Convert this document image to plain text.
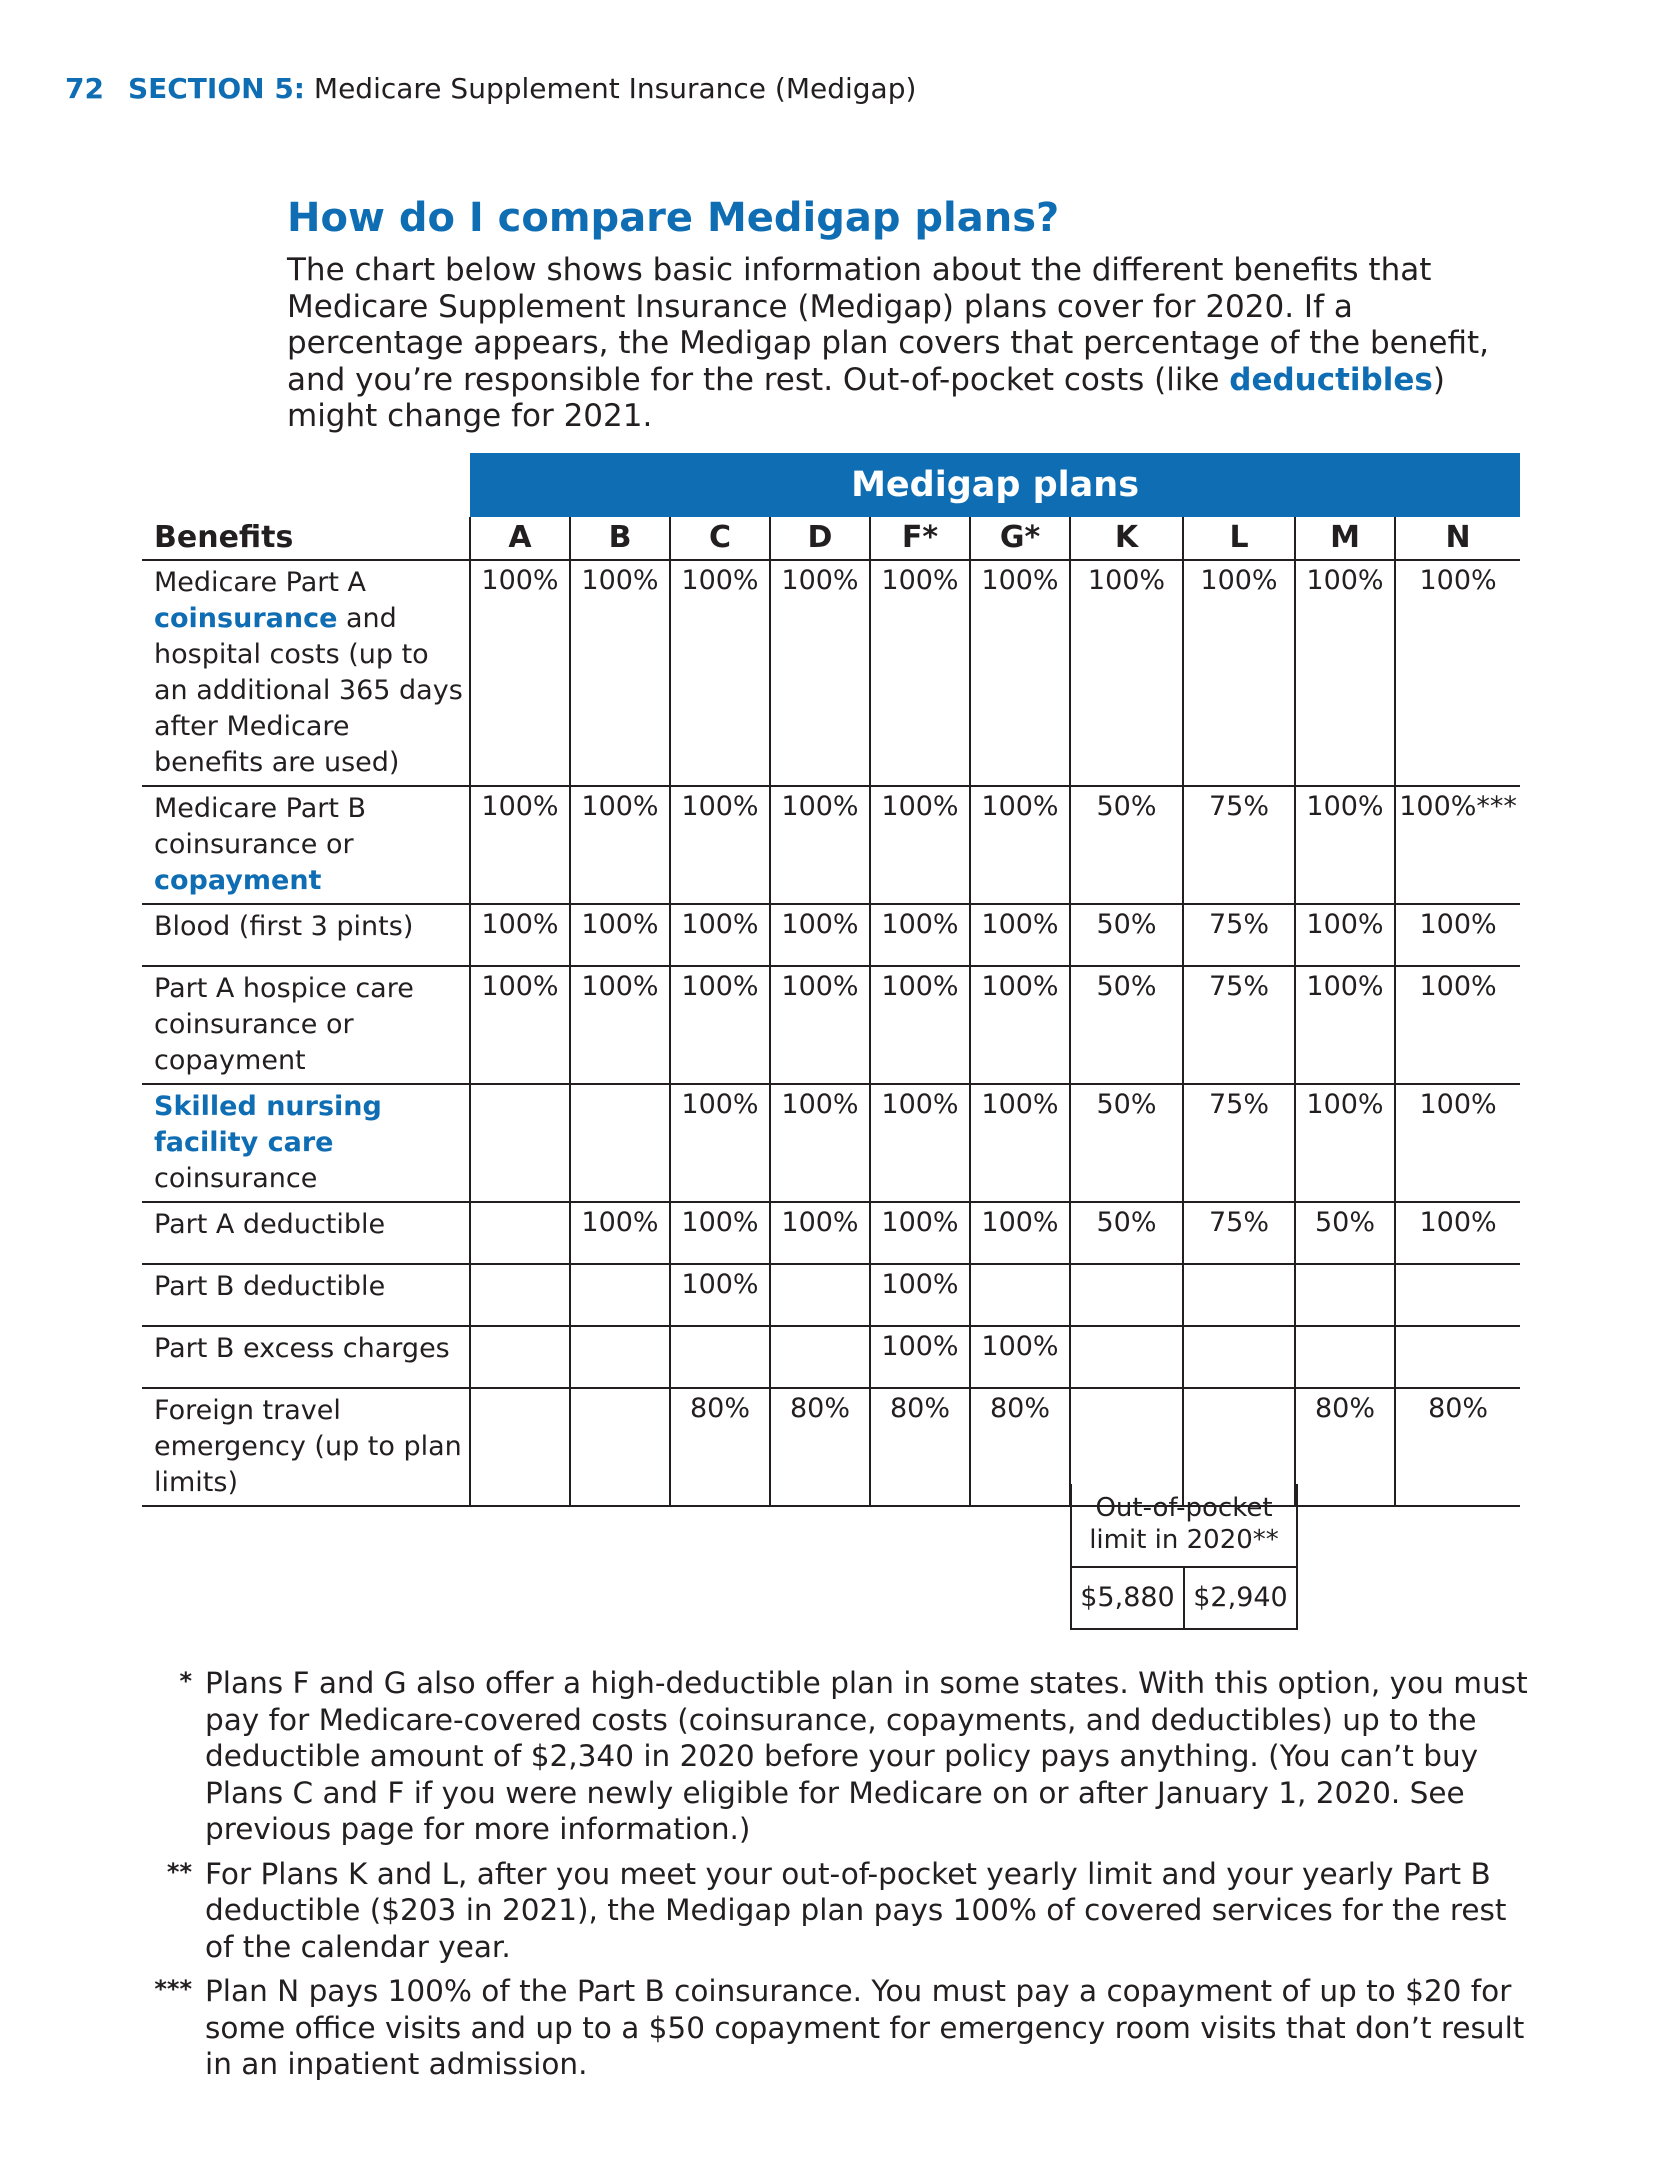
72 SECTION 5: Medicare Supplement Insurance (Medigap)
How do I compare Medigap plans?

The chart below shows basic information about the different benefits that Medicare Supplement Insurance (Medigap) plans cover for 2020. If a percentage appears, the Medigap plan covers that percentage of the benefit, and you’re responsible for the rest. Out-of-pocket costs (like deductibles) might change for 2021.

	Medigap plans									
Benefits	A	B	C	D	F*	G*	K	L	M	N
Medicare Part A coinsurance and hospital costs (up to an additional 365 days after Medicare benefits are used)	100%	100%	100%	100%	100%	100%	100%	100%	100%	100%
Medicare Part B coinsurance or copayment	100%	100%	100%	100%	100%	100%	50%	75%	100%	100%***
Blood (first 3 pints)	100%	100%	100%	100%	100%	100%	50%	75%	100%	100%
Part A hospice care coinsurance or copayment	100%	100%	100%	100%	100%	100%	50%	75%	100%	100%
Skilled nursing facility care coinsurance			100%	100%	100%	100%	50%	75%	100%	100%
Part A deductible		100%	100%	100%	100%	100%	50%	75%	50%	100%
Part B deductible			100%		100%					
Part B excess charges					100%	100%				
Foreign travel emergency (up to plan limits)			80%	80%	80%	80%			80%	80%
Out-of-pocket limit in 2020**
$5,880	$2,940
* Plans F and G also offer a high-deductible plan in some states. With this option, you must pay for Medicare-covered costs (coinsurance, copayments, and deductibles) up to the deductible amount of $2,340 in 2020 before your policy pays anything. (You can’t buy Plans C and F if you were newly eligible for Medicare on or after January 1, 2020. See previous page for more information.)
** For Plans K and L, after you meet your out-of-pocket yearly limit and your yearly Part B deductible ($203 in 2021), the Medigap plan pays 100% of covered services for the rest of the calendar year.
*** Plan N pays 100% of the Part B coinsurance. You must pay a copayment of up to $20 for some office visits and up to a $50 copayment for emergency room visits that don’t result in an inpatient admission.
